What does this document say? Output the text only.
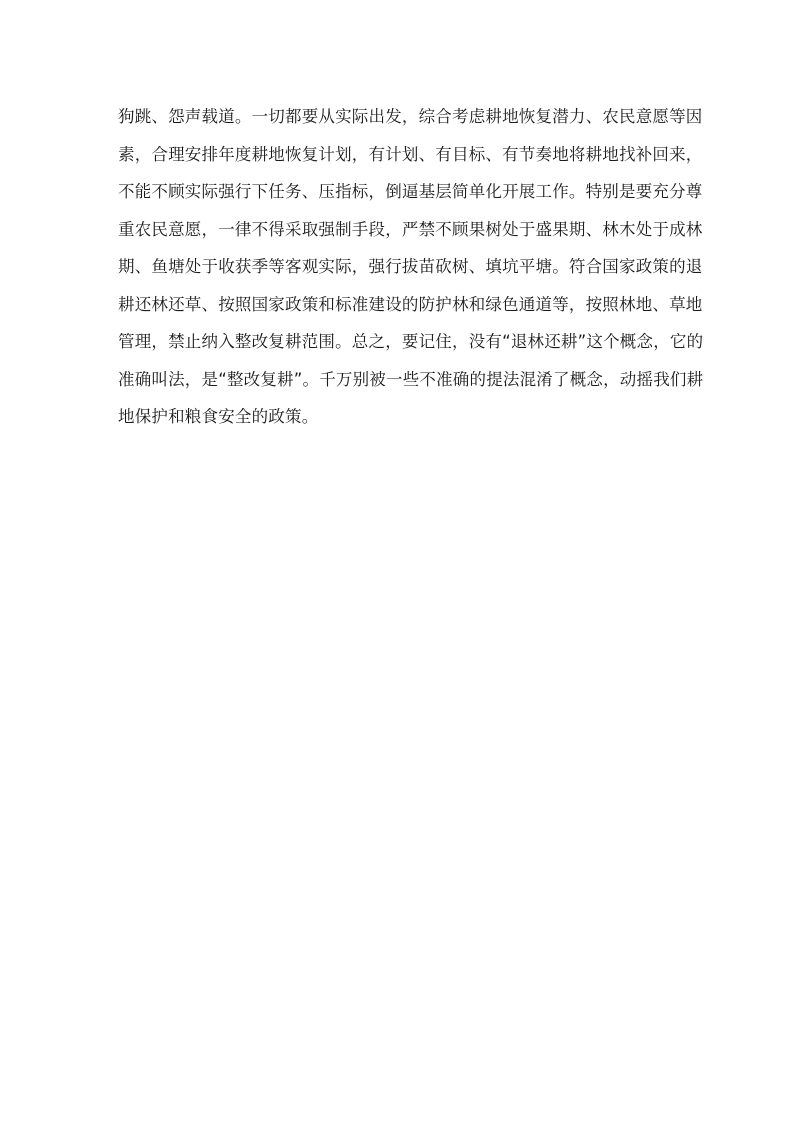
狗跳、怨声载道。一切都要从实际出发，综合考虑耕地恢复潜力、农民意愿等因
素，合理安排年度耕地恢复计划，有计划、有目标、有节奏地将耕地找补回来，
不能不顾实际强行下任务、压指标，倒逼基层简单化开展工作。特别是要充分尊
重农民意愿，一律不得采取强制手段，严禁不顾果树处于盛果期、林木处于成林
期、鱼塘处于收获季等客观实际，强行拔苗砍树、填坑平塘。符合国家政策的退
耕还林还草、按照国家政策和标准建设的防护林和绿色通道等，按照林地、草地
管理，禁止纳入整改复耕范围。总之，要记住，没有“退林还耕”这个概念，它的
准确叫法，是“整改复耕”。千万别被一些不准确的提法混淆了概念，动摇我们耕
地保护和粮食安全的政策。
